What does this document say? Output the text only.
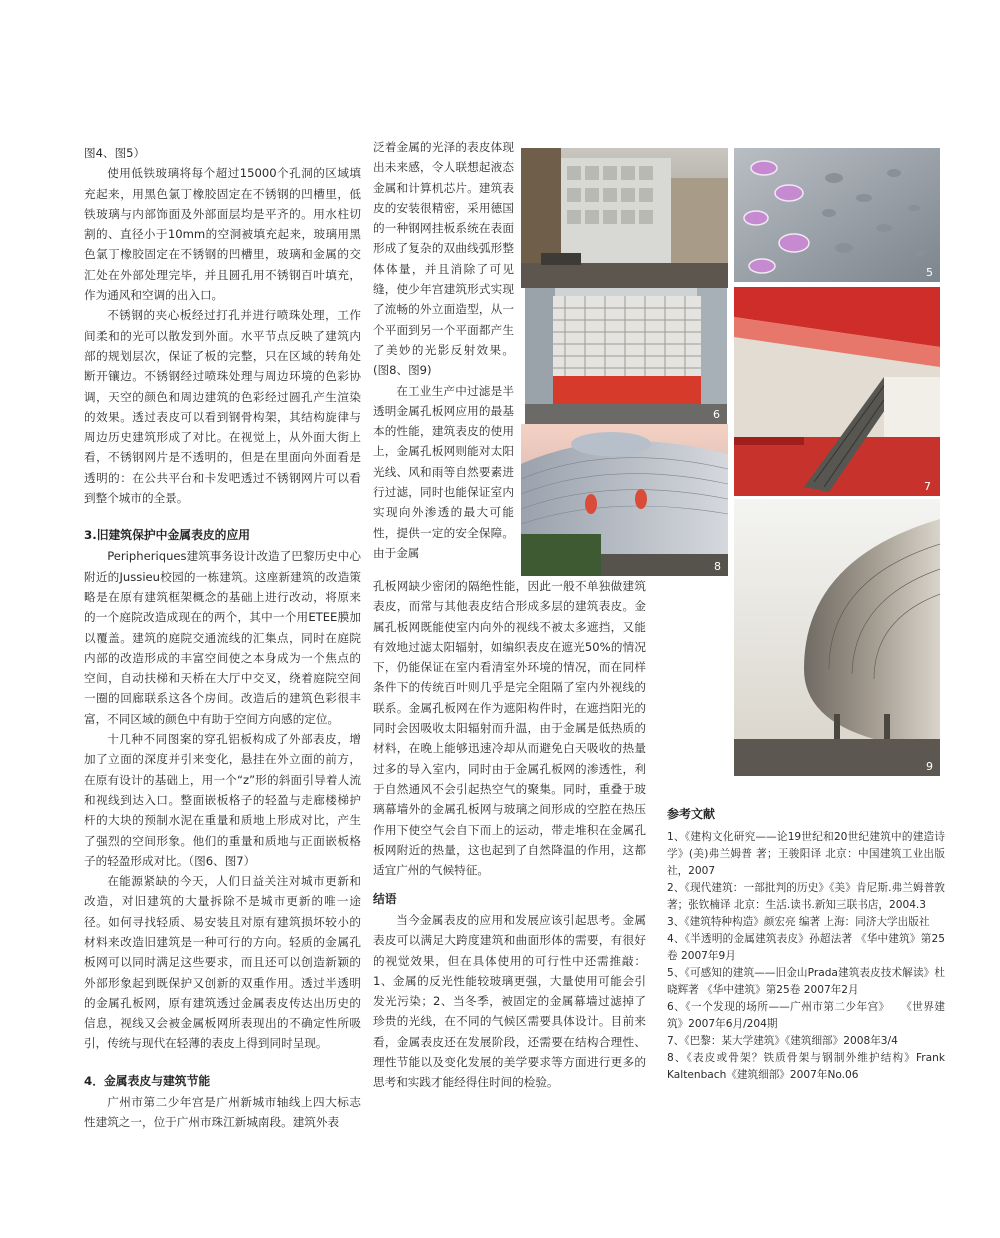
图4、图5）

使用低铁玻璃将每个超过15000个孔洞的区域填充起来，用黑色氯丁橡胶固定在不锈钢的凹槽里，低铁玻璃与内部饰面及外部面层均是平齐的。用水柱切割的、直径小于10mm的空洞被填充起来，玻璃用黑色氯丁橡胶固定在不锈钢的凹槽里，玻璃和金属的交汇处在外部处理完毕，并且圆孔用不锈钢百叶填充，作为通风和空调的出入口。

不锈钢的夹心板经过打孔并进行喷珠处理，工作间柔和的光可以散发到外面。水平节点反映了建筑内部的规划层次，保证了板的完整，只在区域的转角处断开镶边。不锈钢经过喷珠处理与周边环境的色彩协调，天空的颜色和周边建筑的色彩经过圆孔产生渲染的效果。透过表皮可以看到钢骨构架，其结构旋律与周边历史建筑形成了对比。在视觉上，从外面大街上看，不锈钢网片是不透明的，但是在里面向外面看是透明的：在公共平台和卡发吧透过不锈钢网片可以看到整个城市的全景。

3.旧建筑保护中金属表皮的应用

Peripheriques建筑事务设计改造了巴黎历史中心附近的Jussieu校园的一栋建筑。这座新建筑的改造策略是在原有建筑框架概念的基础上进行改动，将原来的一个庭院改造成现在的两个，其中一个用ETEE膜加以覆盖。建筑的庭院交通流线的汇集点，同时在庭院内部的改造形成的丰富空间使之本身成为一个焦点的空间，自动扶梯和天桥在大厅中交叉，绕着庭院空间一圈的回廊联系这各个房间。改造后的建筑色彩很丰富，不同区域的颜色中有助于空间方向感的定位。

十几种不同图案的穿孔铝板构成了外部表皮，增加了立面的深度并引来变化，悬挂在外立面的前方，在原有设计的基础上，用一个“z”形的斜面引导着人流和视线到达入口。整面嵌板格子的轻盈与走廊楼梯护杆的大块的预制水泥在重量和质地上形成对比，产生了强烈的空间形象。他们的重量和质地与正面嵌板格子的轻盈形成对比。（图6、图7）

在能源紧缺的今天，人们日益关注对城市更新和改造，对旧建筑的大量拆除不是城市更新的唯一途径。如何寻找轻质、易安装且对原有建筑损坏较小的材料来改造旧建筑是一种可行的方向。轻质的金属孔板网可以同时满足这些要求，而且还可以创造新颖的外部形象起到既保护又创新的双重作用。透过半透明的金属孔板网，原有建筑透过金属表皮传达出历史的信息，视线又会被金属板网所表现出的不确定性所吸引，传统与现代在轻薄的表皮上得到同时呈现。

4．金属表皮与建筑节能

广州市第二少年宫是广州新城市轴线上四大标志性建筑之一，位于广州市珠江新城南段。建筑外表

泛着金属的光泽的表皮体现出未来感，令人联想起液态金属和计算机芯片。建筑表皮的安装很精密，采用德国的一种钢网挂板系统在表面形成了复杂的双曲线弧形整体体量，并且消除了可见缝，使少年宫建筑形式实现了流畅的外立面造型，从一个平面到另一个平面都产生了美妙的光影反射效果。(图8、图9)

在工业生产中过滤是半透明金属孔板网应用的最基本的性能，建筑表皮的使用上，金属孔板网则能对太阳光线、风和雨等自然要素进行过滤，同时也能保证室内实现向外渗透的最大可能性，提供一定的安全保障。由于金属

孔板网缺少密闭的隔绝性能，因此一般不单独做建筑表皮，而常与其他表皮结合形成多层的建筑表皮。金属孔板网既能使室内向外的视线不被太多遮挡，又能有效地过滤太阳辐射，如编织表皮在遮光50%的情况下，仍能保证在室内看清室外环境的情况，而在同样条件下的传统百叶则几乎是完全阻隔了室内外视线的联系。金属孔板网在作为遮阳构件时，在遮挡阳光的同时会因吸收太阳辐射而升温，由于金属是低热质的材料，在晚上能够迅速冷却从而避免白天吸收的热量过多的导入室内，同时由于金属孔板网的渗透性，利于自然通风不会引起热空气的聚集。同时，重叠于玻璃幕墙外的金属孔板网与玻璃之间形成的空腔在热压作用下使空气会自下而上的运动，带走堆积在金属孔板网附近的热量，这也起到了自然降温的作用，这都适宜广州的气候特征。

结语

当今金属表皮的应用和发展应该引起思考。金属表皮可以满足大跨度建筑和曲面形体的需要，有很好的视觉效果，但在具体使用的可行性中还需推敲：1、金属的反光性能较玻璃更强，大量使用可能会引发光污染；2、当冬季，被固定的金属幕墙过滤掉了珍贵的光线，在不同的气候区需要具体设计。目前来看，金属表皮还在发展阶段，还需要在结构合理性、理性节能以及变化发展的美学要求等方面进行更多的思考和实践才能经得住时间的检验。

5
6
7
8
9
参考文献
1、《建构文化研究——论19世纪和20世纪建筑中的建造诗学》(美)弗兰姆普 著；王骏阳译 北京：中国建筑工业出版社，2007
2、《现代建筑：一部批判的历史》《美》肯尼斯.弗兰姆普敦著；张钦楠译 北京：生活.读书.新知三联书店，2004.3
3、《建筑特种构造》颜宏亮 编著 上海：同济大学出版社
4、《半透明的金属建筑表皮》孙超法著 《华中建筑》第25卷 2007年9月
5、《可感知的建筑——旧金山Prada建筑表皮技术解读》杜晓辉著 《华中建筑》第25卷 2007年2月
6、《一个发现的场所——广州市第二少年宫》　　《世界建筑》2007年6月/204期
7、《巴黎：某大学建筑》《建筑细部》2008年3/4
8、《表皮或骨架？铁质骨架与钢制外维护结构》Frank Kaltenbach《建筑细部》2007年No.06
